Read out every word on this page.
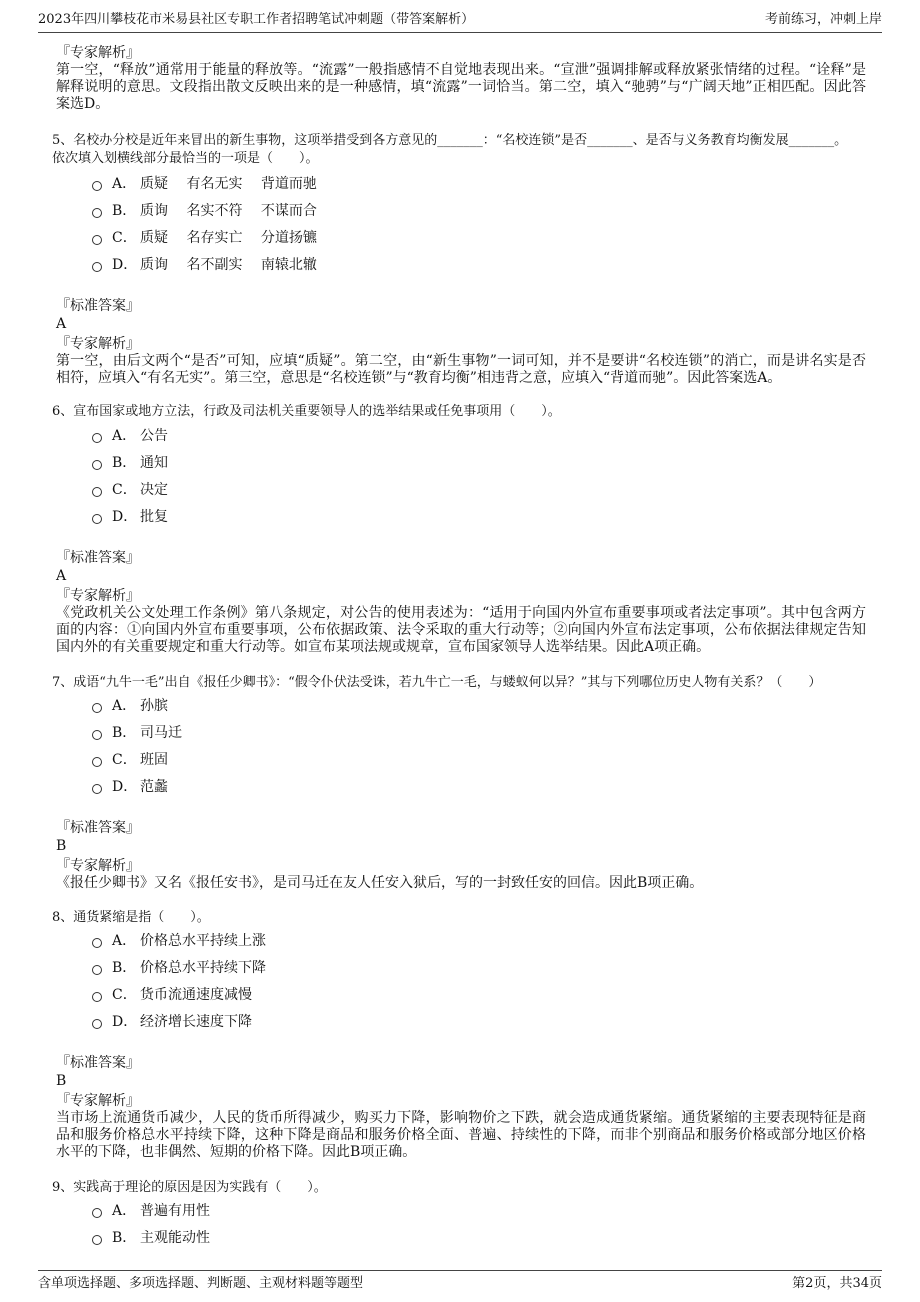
2023年四川攀枝花市米易县社区专职工作者招聘笔试冲刺题（带答案解析）	考前练习，冲刺上岸

『专家解析』

第一空，“释放”通常用于能量的释放等。“流露”一般指感情不自觉地表现出来。“宣泄”强调排解或释放紧张情绪的过程。“诠释”是解释说明的意思。文段指出散文反映出来的是一种感情，填“流露”一词恰当。第二空，填入“驰骋”与“广阔天地”正相匹配。因此答案选D。

5、名校办分校是近年来冒出的新生事物，这项举措受到各方意见的_______：“名校连锁”是否_______、是否与义务教育均衡发展_______。

依次填入划横线部分最恰当的一项是（　　）。

A． 质疑　 有名无实　 背道而驰
B． 质询　 名实不符　 不谋而合
C． 质疑　 名存实亡　 分道扬镳
D． 质询　 名不副实　 南辕北辙

『标准答案』

A

『专家解析』

第一空，由后文两个“是否”可知，应填“质疑”。第二空，由“新生事物”一词可知，并不是要讲“名校连锁”的消亡，而是讲名实是否相符，应填入“有名无实”。第三空，意思是“名校连锁”与“教育均衡”相违背之意，应填入“背道而驰”。因此答案选A。

6、宣布国家或地方立法，行政及司法机关重要领导人的选举结果或任免事项用（　　）。

A． 公告
B． 通知
C． 决定
D． 批复

『标准答案』

A

『专家解析』

《党政机关公文处理工作条例》第八条规定，对公告的使用表述为：“适用于向国内外宣布重要事项或者法定事项”。其中包含两方面的内容：①向国内外宣布重要事项，公布依据政策、法令采取的重大行动等；②向国内外宣布法定事项，公布依据法律规定告知国内外的有关重要规定和重大行动等。如宣布某项法规或规章，宣布国家领导人选举结果。因此A项正确。

7、成语“九牛一毛”出自《报任少卿书》：“假令仆伏法受诛，若九牛亡一毛，与蝼蚁何以异？”其与下列哪位历史人物有关系？（　　）

A． 孙膑
B． 司马迁
C． 班固
D． 范蠡

『标准答案』

B

『专家解析』

《报任少卿书》又名《报任安书》，是司马迁在友人任安入狱后，写的一封致任安的回信。因此B项正确。

8、通货紧缩是指（　　）。

A． 价格总水平持续上涨
B． 价格总水平持续下降
C． 货币流通速度减慢
D． 经济增长速度下降

『标准答案』

B

『专家解析』

当市场上流通货币减少，人民的货币所得减少，购买力下降，影响物价之下跌，就会造成通货紧缩。通货紧缩的主要表现特征是商品和服务价格总水平持续下降，这种下降是商品和服务价格全面、普遍、持续性的下降，而非个别商品和服务价格或部分地区价格水平的下降，也非偶然、短期的价格下降。因此B项正确。

9、实践高于理论的原因是因为实践有（　　）。

A． 普遍有用性
B． 主观能动性
含单项选择题、多项选择题、判断题、主观材料题等题型	第2页，共34页
